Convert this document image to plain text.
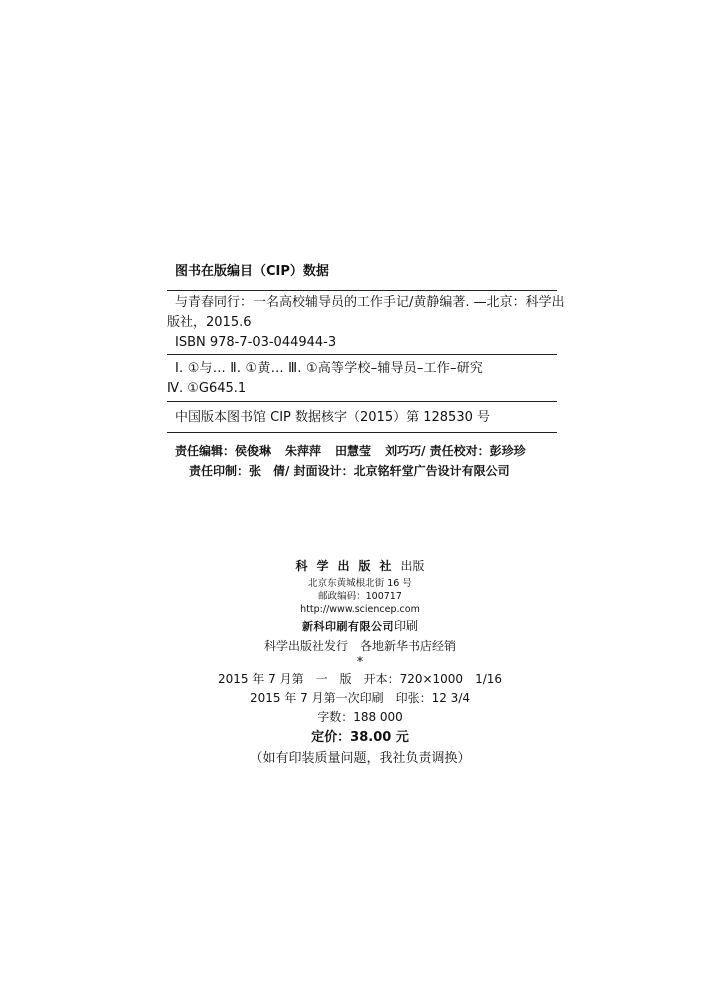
图书在版编目（CIP）数据
与青春同行：一名高校辅导员的工作手记/黄静编著. —北京：科学出
版社，2015.6
ISBN 978-7-03-044944-3
Ⅰ. ①与… Ⅱ. ①黄… Ⅲ. ①高等学校–辅导员–工作–研究
Ⅳ. ①G645.1
中国版本图书馆 CIP 数据核字（2015）第 128530 号
责任编辑：侯俊琳 朱萍萍 田慧莹 刘巧巧/ 责任校对：彭珍珍
责任印制：张　倩/ 封面设计：北京铭轩堂广告设计有限公司
科学出版社出版
北京东黄城根北街 16 号
邮政编码：100717
http://www.sciencep.com
新科印刷有限公司印刷
科学出版社发行　各地新华书店经销
*
2015 年 7 月第　一　版　开本：720×1000　1/16
2015 年 7 月第一次印刷　印张：12 3/4
字数：188 000
定价：38.00 元
（如有印装质量问题，我社负责调换）
